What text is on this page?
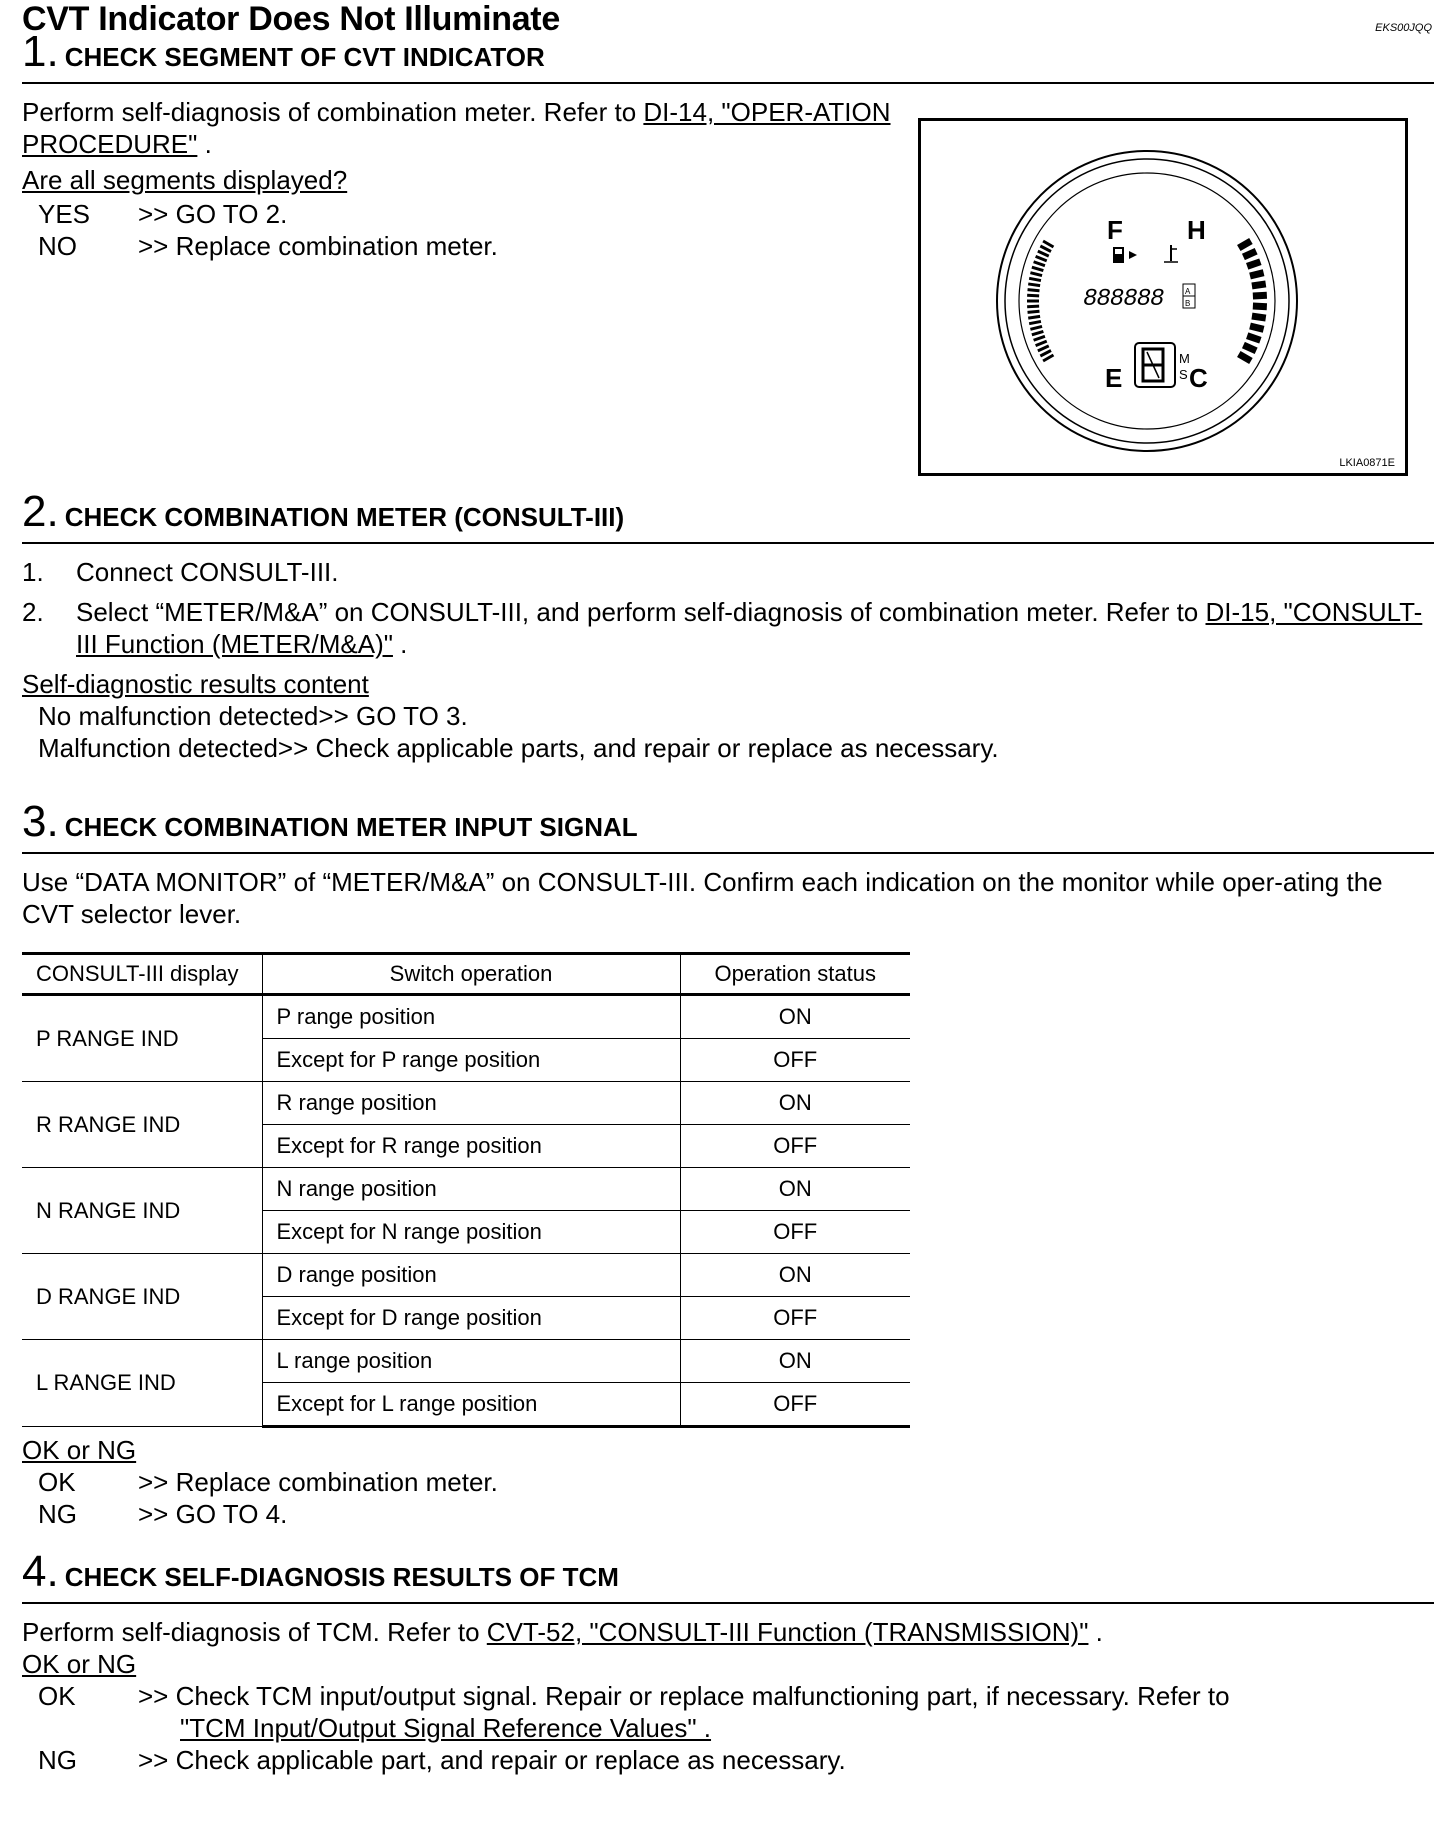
CVT Indicator Does Not Illuminate	EKS00JQQ
1. CHECK SEGMENT OF CVT INDICATOR
Perform self-diagnosis of combination meter. Refer to DI-14, "OPER-ATION PROCEDURE" .
Are all segments displayed?
YES	>> GO TO 2.
NO	>> Replace combination meter.
F H
E	C
888888	A
B
M
S
LKIA0871E
2. CHECK COMBINATION METER (CONSULT-III)
1.	Connect CONSULT-III.
2.	Select “METER/M&A” on CONSULT-III, and perform self-diagnosis of combination meter. Refer to DI-15, "CONSULT-III Function (METER/M&A)" .
Self-diagnostic results content
No malfunction detected>> GO TO 3.
Malfunction detected>> Check applicable parts, and repair or replace as necessary.
3. CHECK COMBINATION METER INPUT SIGNAL
Use “DATA MONITOR” of “METER/M&A” on CONSULT-III. Confirm each indication on the monitor while oper-ating the CVT selector lever.
CONSULT-III display	Switch operation	Operation status
P RANGE IND	P range position	ON
	Except for P range position	OFF
R RANGE IND	R range position	ON
	Except for R range position	OFF
N RANGE IND	N range position	ON
	Except for N range position	OFF
D RANGE IND	D range position	ON
	Except for D range position	OFF
L RANGE IND	L range position	ON
	Except for L range position	OFF
OK or NG
OK	>> Replace combination meter.
NG	>> GO TO 4.
4. CHECK SELF-DIAGNOSIS RESULTS OF TCM
Perform self-diagnosis of TCM. Refer to CVT-52, "CONSULT-III Function (TRANSMISSION)" .
OK or NG
OK	>> Check TCM input/output signal. Repair or replace malfunctioning part, if necessary. Refer to
"TCM Input/Output Signal Reference Values" .
NG	>> Check applicable part, and repair or replace as necessary.
